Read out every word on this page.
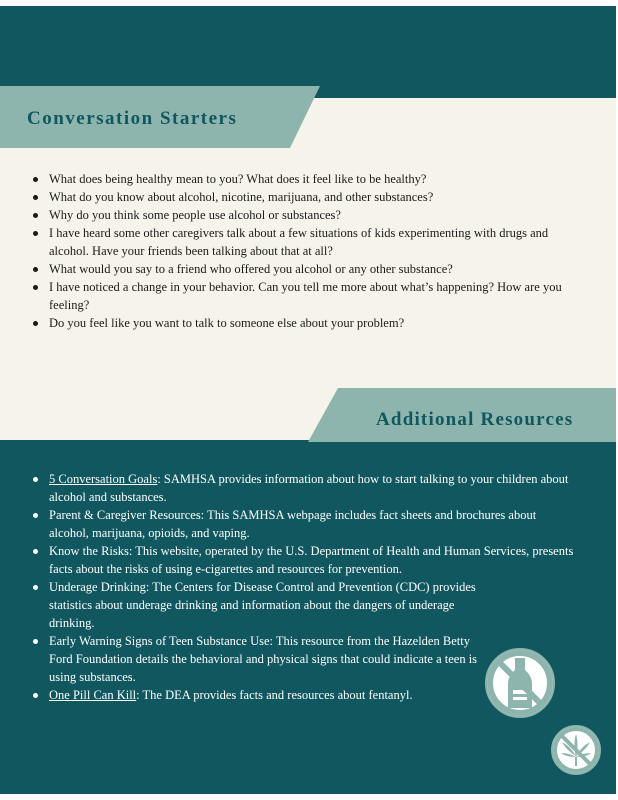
Conversation Starters
What does being healthy mean to you? What does it feel like to be healthy?
What do you know about alcohol, nicotine, marijuana, and other substances?
Why do you think some people use alcohol or substances?
I have heard some other caregivers talk about a few situations of kids experimenting with drugs and alcohol. Have your friends been talking about that at all?
What would you say to a friend who offered you alcohol or any other substance?
I have noticed a change in your behavior. Can you tell me more about what’s happening? How are you feeling?
Do you feel like you want to talk to someone else about your problem?
Additional Resources
5 Conversation Goals: SAMHSA provides information about how to start talking to your children about alcohol and substances.
Parent & Caregiver Resources: This SAMHSA webpage includes fact sheets and brochures about alcohol, marijuana, opioids, and vaping.
Know the Risks: This website, operated by the U.S. Department of Health and Human Services, presents facts about the risks of using e-cigarettes and resources for prevention.
Underage Drinking: The Centers for Disease Control and Prevention (CDC) provides statistics about underage drinking and information about the dangers of underage drinking.
Early Warning Signs of Teen Substance Use: This resource from the Hazelden Betty Ford Foundation details the behavioral and physical signs that could indicate a teen is using substances.
One Pill Can Kill: The DEA provides facts and resources about fentanyl.
